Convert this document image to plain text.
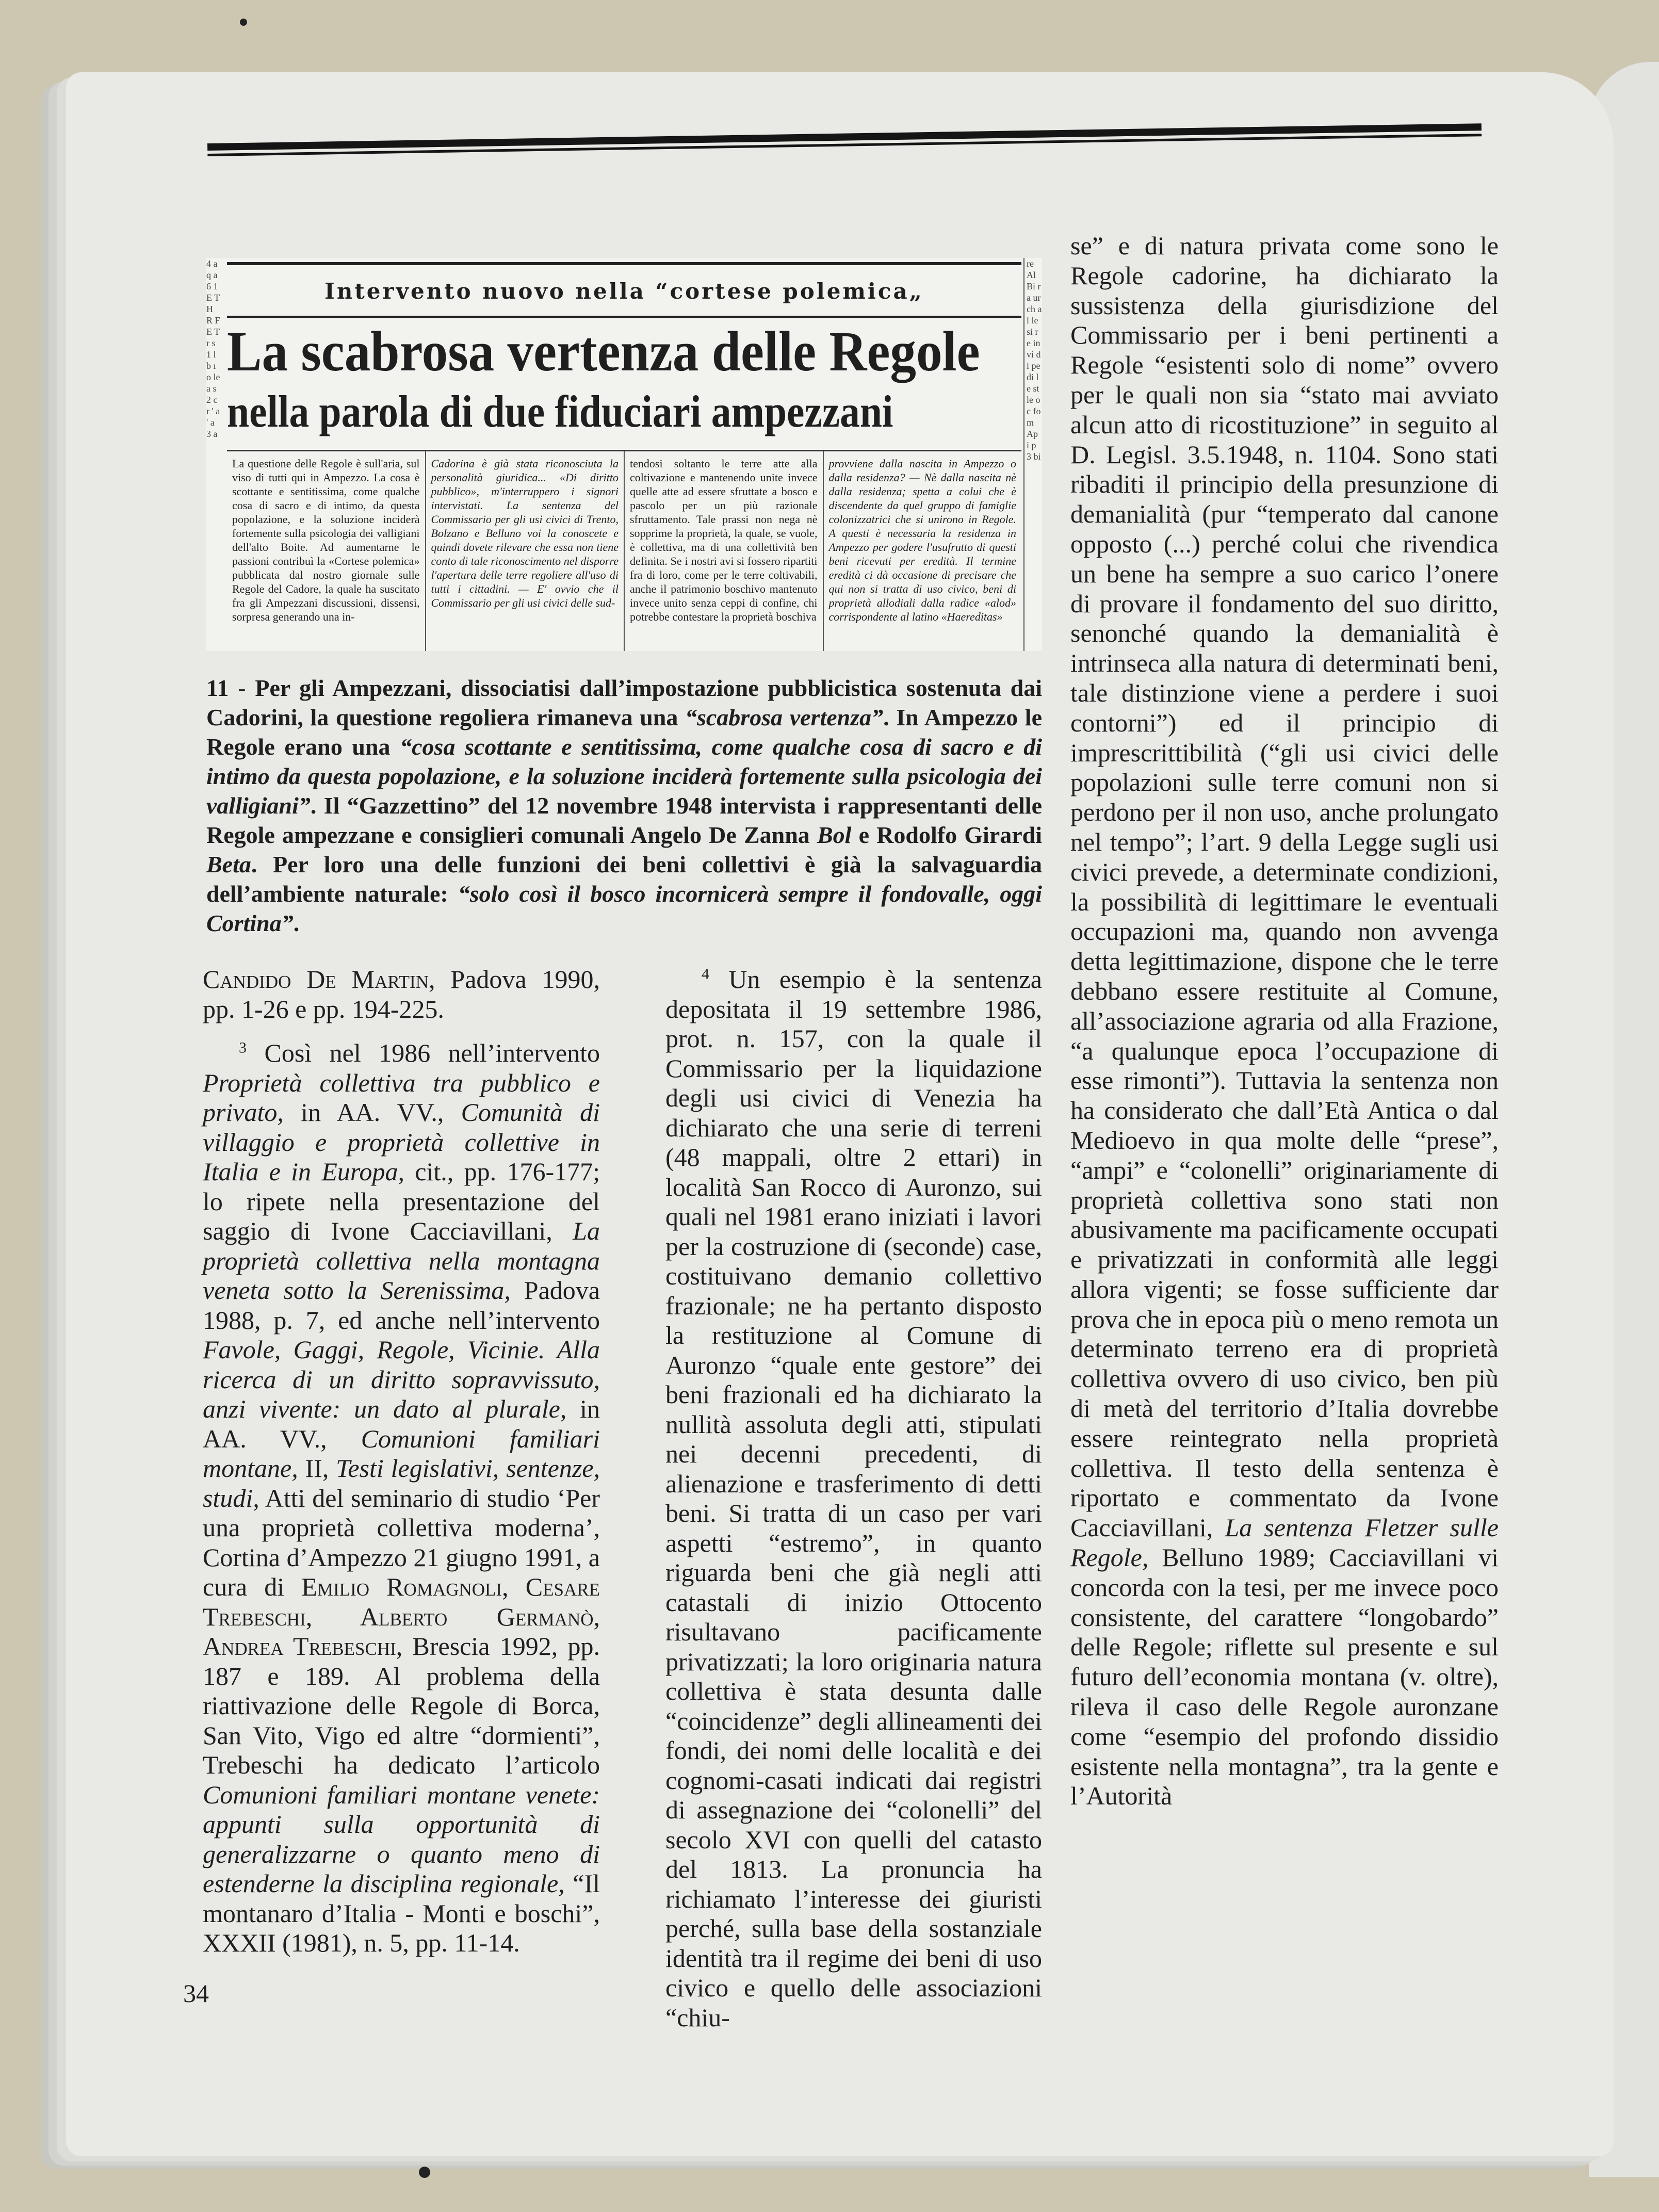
4 a q a 6 1 E T H R F E T r s 1 l b ı o le a s 2 c r ' a ' a 3 a
re Al Bi ra ur ch al le si re in vi di pe di le st le oc fo m Ap i p 3 bi
Intervento nuovo nella “cortese polemica„
La scabrosa vertenza delle Regole
nella parola di due fiduciari ampezzani
La questione delle Regole è sull'aria, sul viso di tutti qui in Ampezzo. La cosa è scottante e sentitissima, come qualche cosa di sacro e di intimo, da questa popolazione, e la soluzione inciderà fortemente sulla psicologia dei valligiani dell'alto Boite. Ad aumentarne le passioni contribuì la «Cortese polemica» pubblicata dal nostro giornale sulle Regole del Cadore, la quale ha suscitato fra gli Ampezzani discussioni, dissensi, sorpresa generando una in-
Cadorina è già stata riconosciuta la personalità giuridica... «Di diritto pubblico», m'interruppero i signori intervistati. La sentenza del Commissario per gli usi civici di Trento, Bolzano e Belluno voi la conoscete e quindi dovete rilevare che essa non tiene conto di tale riconoscimento nel disporre l'apertura delle terre regoliere all'uso di tutti i cittadini. — E' ovvio che il Commissario per gli usi civici delle sud-
tendosi soltanto le terre atte alla coltivazione e mantenendo unite invece quelle atte ad essere sfruttate a bosco e pascolo per un più razionale sfruttamento. Tale prassi non nega nè sopprime la proprietà, la quale, se vuole, è collettiva, ma di una collettività ben definita. Se i nostri avi si fossero ripartiti fra di loro, come per le terre coltivabili, anche il patrimonio boschivo mantenuto invece unito senza ceppi di confine, chi potrebbe contestare la proprietà boschiva
provviene dalla nascita in Ampezzo o dalla residenza? — Nè dalla nascita nè dalla residenza; spetta a colui che è discendente da quel gruppo di famiglie colonizzatrici che si unirono in Regole. A questi è necessaria la residenza in Ampezzo per godere l'usufrutto di questi beni ricevuti per eredità. Il termine eredità ci dà occasione di precisare che qui non si tratta di uso civico, beni di proprietà allodiali dalla radice «alod» corrispondente al latino «Haereditas»
11 - Per gli Ampezzani, dissociatisi dall’impostazione pubblicistica sostenuta dai Cadorini, la questione regoliera rimaneva una “scabrosa vertenza”. In Ampezzo le Regole erano una “cosa scottante e sentitissima, come qualche cosa di sacro e di intimo da questa popolazione, e la soluzione inciderà fortemente sulla psicologia dei valligiani”. Il “Gazzettino” del 12 novembre 1948 intervista i rappresentanti delle Regole ampezzane e consiglieri comunali Angelo De Zanna Bol e Rodolfo Girardi Beta. Per loro una delle funzioni dei beni collettivi è già la salvaguardia dell’ambiente naturale: “solo così il bosco incornicerà sempre il fondovalle, oggi Cortina”.

Candido De Martin, Padova 1990, pp. 1-26 e pp. 194-225.

$^3$ Così nel 1986 nell’intervento Proprietà collettiva tra pubblico e privato, in AA. VV., Comunità di villaggio e proprietà collettive in Italia e in Europa, cit., pp. 176-177; lo ripete nella presentazione del saggio di Ivone Cacciavillani, La proprietà collettiva nella montagna veneta sotto la Serenissima, Padova 1988, p. 7, ed anche nell’intervento Favole, Gaggi, Regole, Vicinie. Alla ricerca di un diritto sopravvissuto, anzi vivente: un dato al plurale, in AA. VV., Comunioni familiari montane, II, Testi legislativi, sentenze, studi, Atti del seminario di studio ‘Per una proprietà collettiva moderna’, Cortina d’Ampezzo 21 giugno 1991, a cura di Emilio Romagnoli, Cesare Trebeschi, Alberto Germanò, Andrea Trebeschi, Brescia 1992, pp. 187 e 189. Al problema della riattivazione delle Regole di Borca, San Vito, Vigo ed altre “dormienti”, Trebeschi ha dedicato l’articolo Comunioni familiari montane venete: appunti sulla opportunità di generalizzarne o quanto meno di estenderne la disciplina regionale, “Il montanaro d’Italia - Monti e boschi”, XXXII (1981), n. 5, pp. 11-14.

$^4$ Un esempio è la sentenza depositata il 19 settembre 1986, prot. n. 157, con la quale il Commissario per la liquidazione degli usi civici di Venezia ha dichiarato che una serie di terreni (48 mappali, oltre 2 ettari) in località San Rocco di Auronzo, sui quali nel 1981 erano iniziati i lavori per la costruzione di (seconde) case, costituivano demanio collettivo frazionale; ne ha pertanto disposto la restituzione al Comune di Auronzo “quale ente gestore” dei beni frazionali ed ha dichiarato la nullità assoluta degli atti, stipulati nei decenni precedenti, di alienazione e trasferimento di detti beni. Si tratta di un caso per vari aspetti “estremo”, in quanto riguarda beni che già negli atti catastali di inizio Ottocento risultavano pacificamente privatizzati; la loro originaria natura collettiva è stata desunta dalle “coincidenze” degli allineamenti dei fondi, dei nomi delle località e dei cognomi-casati indicati dai registri di assegnazione dei “colonelli” del secolo XVI con quelli del catasto del 1813. La pronuncia ha richiamato l’interesse dei giuristi perché, sulla base della sostanziale identità tra il regime dei beni di uso civico e quello delle associazioni “chiu-

se” e di natura privata come sono le Regole cadorine, ha dichiarato la sussistenza della giurisdizione del Commissario per i beni pertinenti a Regole “esistenti solo di nome” ovvero per le quali non sia “stato mai avviato alcun atto di ricostituzione” in seguito al D. Legisl. 3.5.1948, n. 1104. Sono stati ribaditi il principio della presunzione di demanialità (pur “temperato dal canone opposto (...) perché colui che rivendica un bene ha sempre a suo carico l’onere di provare il fondamento del suo diritto, senonché quando la demanialità è intrinseca alla natura di determinati beni, tale distinzione viene a perdere i suoi contorni”) ed il principio di imprescrittibilità (“gli usi civici delle popolazioni sulle terre comuni non si perdono per il non uso, anche prolungato nel tempo”; l’art. 9 della Legge sugli usi civici prevede, a determinate condizioni, la possibilità di legittimare le eventuali occupazioni ma, quando non avvenga detta legittimazione, dispone che le terre debbano essere restituite al Comune, all’associazione agraria od alla Frazione, “a qualunque epoca l’occupazione di esse rimonti”). Tuttavia la sentenza non ha considerato che dall’Età Antica o dal Medioevo in qua molte delle “prese”, “ampi” e “colonelli” originariamente di proprietà collettiva sono stati non abusivamente ma pacificamente occupati e privatizzati in conformità alle leggi allora vigenti; se fosse sufficiente dar prova che in epoca più o meno remota un determinato terreno era di proprietà collettiva ovvero di uso civico, ben più di metà del territorio d’Italia dovrebbe essere reintegrato nella proprietà collettiva. Il testo della sentenza è riportato e commentato da Ivone Cacciavillani, La sentenza Fletzer sulle Regole, Belluno 1989; Cacciavillani vi concorda con la tesi, per me invece poco consistente, del carattere “longobardo” delle Regole; riflette sul presente e sul futuro dell’economia montana (v. oltre), rileva il caso delle Regole auronzane come “esempio del profondo dissidio esistente nella montagna”, tra la gente e l’Autorità

34
